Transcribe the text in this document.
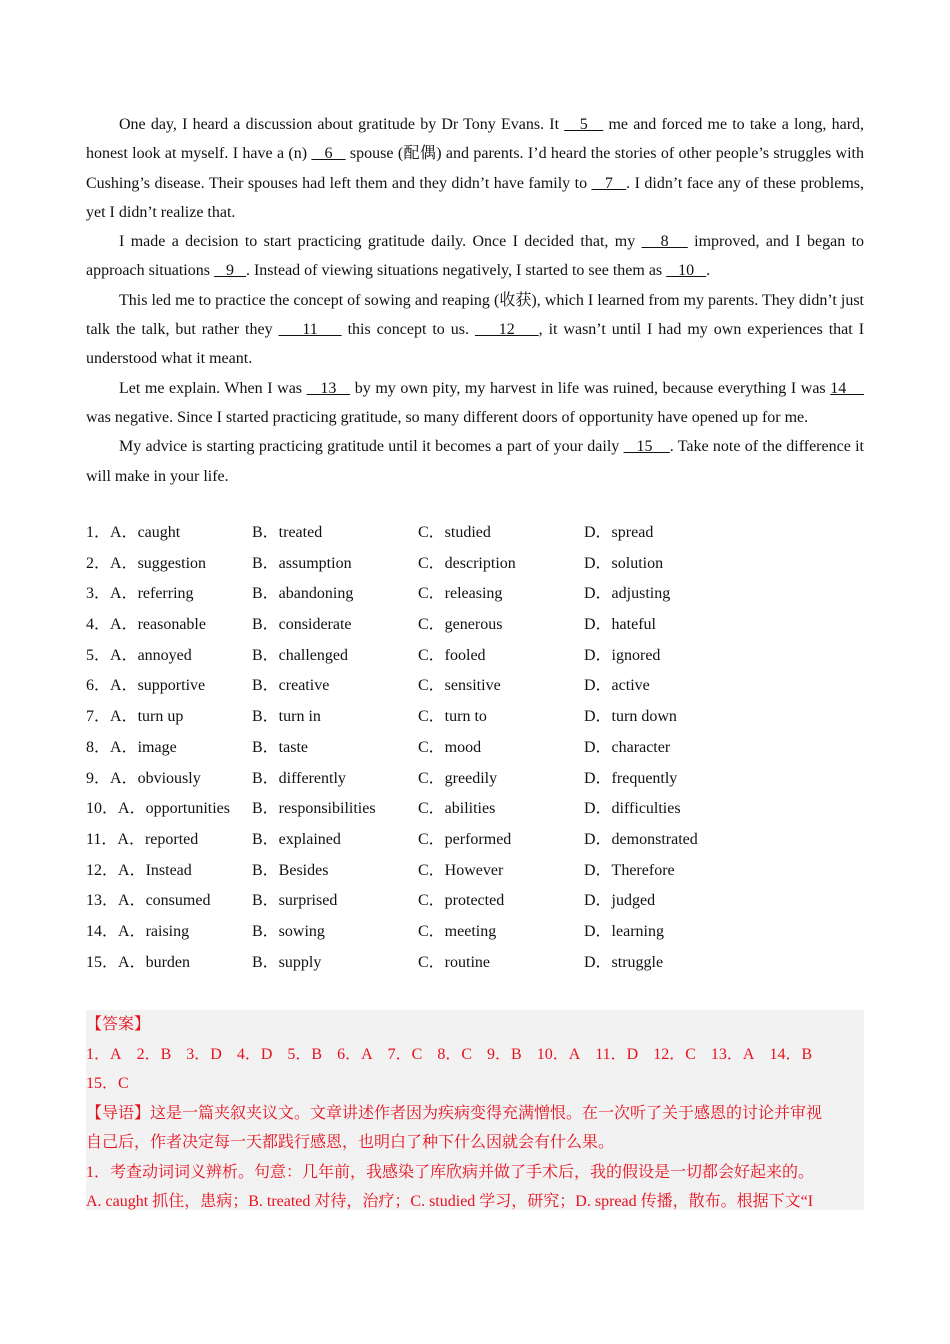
One day, I heard a discussion about gratitude by Dr Tony Evans. It    5    me and forced me to take a long, hard, honest look at myself. I have a (n)    6    spouse (配偶) and parents. I’d heard the stories of other people’s struggles with Cushing’s disease. Their spouses had left them and they didn’t have family to    7   . I didn’t face any of these problems, yet I didn’t realize that.

I made a decision to start practicing gratitude daily. Once I decided that, my    8    improved, and I began to approach situations    9   . Instead of viewing situations negatively, I started to see them as    10   .

This led me to practice the concept of sowing and reaping (收获), which I learned from my parents. They didn’t just talk the talk, but rather they     11     this concept to us.     12    , it wasn’t until I had my own experiences that I understood what it meant.

Let me explain. When I was    13    by my own pity, my harvest in life was ruined, because everything I was 14     was negative. Since I started practicing gratitude, so many different doors of opportunity have opened up for me.

My advice is starting practicing gratitude until it becomes a part of your daily    15    . Take note of the difference it will make in your life.

1．A．caught	B．treated	C．studied	D．spread
2．A．suggestion	B．assumption	C．description	D．solution
3．A．referring	B．abandoning	C．releasing	D．adjusting
4．A．reasonable	B．considerate	C．generous	D．hateful
5．A．annoyed	B．challenged	C．fooled	D．ignored
6．A．supportive	B．creative	C．sensitive	D．active
7．A．turn up	B．turn in	C．turn to	D．turn down
8．A．image	B．taste	C．mood	D．character
9．A．obviously	B．differently	C．greedily	D．frequently
10．A．opportunities	B．responsibilities	C．abilities	D．difficulties
11．A．reported	B．explained	C．performed	D．demonstrated
12．A．Instead	B．Besides	C．However	D．Therefore
13．A．consumed	B．surprised	C．protected	D．judged
14．A．raising	B．sowing	C．meeting	D．learning
15．A．burden	B．supply	C．routine	D．struggle
【答案】
1．A 2．B 3．D 4．D 5．B 6．A 7．C 8．C 9．B 10．A 11．D 12．C 13．A 14．B
15．C
【导语】这是一篇夹叙夹议文。文章讲述作者因为疾病变得充满憎恨。在一次听了关于感恩的讨论并审视
自己后，作者决定每一天都践行感恩，也明白了种下什么因就会有什么果。
1．考查动词词义辨析。句意：几年前，我感染了库欣病并做了手术后，我的假设是一切都会好起来的。
A. caught 抓住，患病；B. treated 对待，治疗；C. studied 学习，研究；D. spread 传播，散布。根据下文“I
